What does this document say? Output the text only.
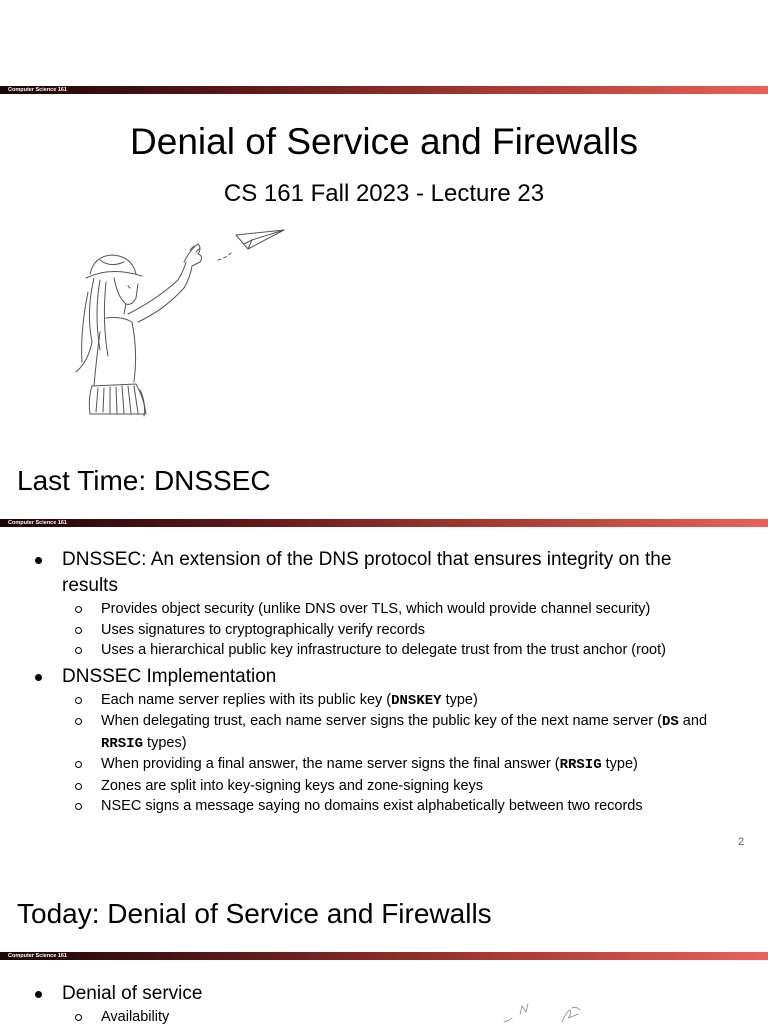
Computer Science 161
Denial of Service and Firewalls
CS 161 Fall 2023 - Lecture 23
Last Time: DNSSEC
Computer Science 161
DNSSEC: An extension of the DNS protocol that ensures integrity on the results
Provides object security (unlike DNS over TLS, which would provide channel security)
Uses signatures to cryptographically verify records
Uses a hierarchical public key infrastructure to delegate trust from the trust anchor (root)
DNSSEC Implementation
Each name server replies with its public key (DNSKEY type)
When delegating trust, each name server signs the public key of the next name server (DS and RRSIG types)
When providing a final answer, the name server signs the final answer (RRSIG type)
Zones are split into key-signing keys and zone-signing keys
NSEC signs a message saying no domains exist alphabetically between two records
2
Today: Denial of Service and Firewalls
Computer Science 161
Denial of service
Availability
